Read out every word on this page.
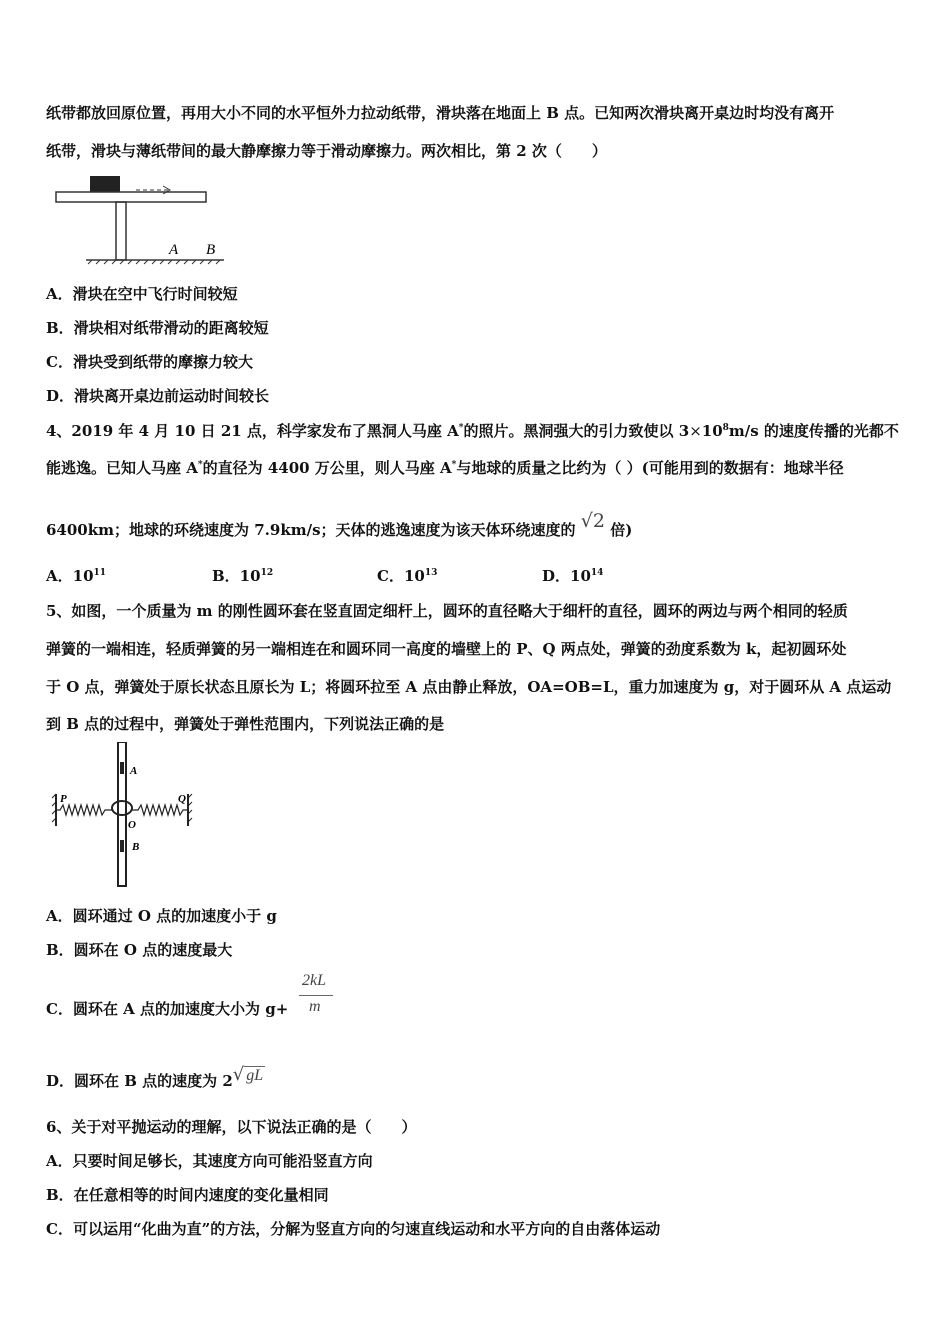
纸带都放回原位置，再用大小不同的水平恒外力拉动纸带，滑块落在地面上 B 点。已知两次滑块离开桌边时均没有离开
纸带，滑块与薄纸带间的最大静摩擦力等于滑动摩擦力。两次相比，第 2 次（　　）
A B
A．滑块在空中飞行时间较短
B．滑块相对纸带滑动的距离较短
C．滑块受到纸带的摩擦力较大
D．滑块离开桌边前运动时间较长
4、2019 年 4 月 10 日 21 点，科学家发布了黑洞人马座 A*的照片。黑洞强大的引力致使以 $3\times 10^8m/s$ 的速度传播的光都不
能逃逸。已知人马座 A*的直径为 4400 万公里，则人马座 A*与地球的质量之比约为（ ）(可能用到的数据有：地球半径
6400km；地球的环绕速度为 7.9km/s；天体的逃逸速度为该天体环绕速度的 √2 倍)
A．$10^{11}$	B．$10^{12}$	C．$10^{13}$	D．$10^{14}$
5、如图，一个质量为 m 的刚性圆环套在竖直固定细杆上，圆环的直径略大于细杆的直径，圆环的两边与两个相同的轻质
弹簧的一端相连，轻质弹簧的另一端相连在和圆环同一高度的墙壁上的 P、Q 两点处，弹簧的劲度系数为 k，起初圆环处
于 O 点，弹簧处于原长状态且原长为 L；将圆环拉至 A 点由静止释放，OA=OB=L，重力加速度为 g，对于圆环从 A 点运动
到 B 点的过程中，弹簧处于弹性范围内，下列说法正确的是
A
O
B
P	Q
A．圆环通过 O 点的加速度小于 g
B．圆环在 O 点的速度最大
C．圆环在 A 点的加速度大小为 g+
2kL
m
D．圆环在 B 点的速度为 2√ gL
6、关于对平抛运动的理解，以下说法正确的是（　　）
A．只要时间足够长，其速度方向可能沿竖直方向
B．在任意相等的时间内速度的变化量相同
C．可以运用“化曲为直”的方法，分解为竖直方向的匀速直线运动和水平方向的自由落体运动
